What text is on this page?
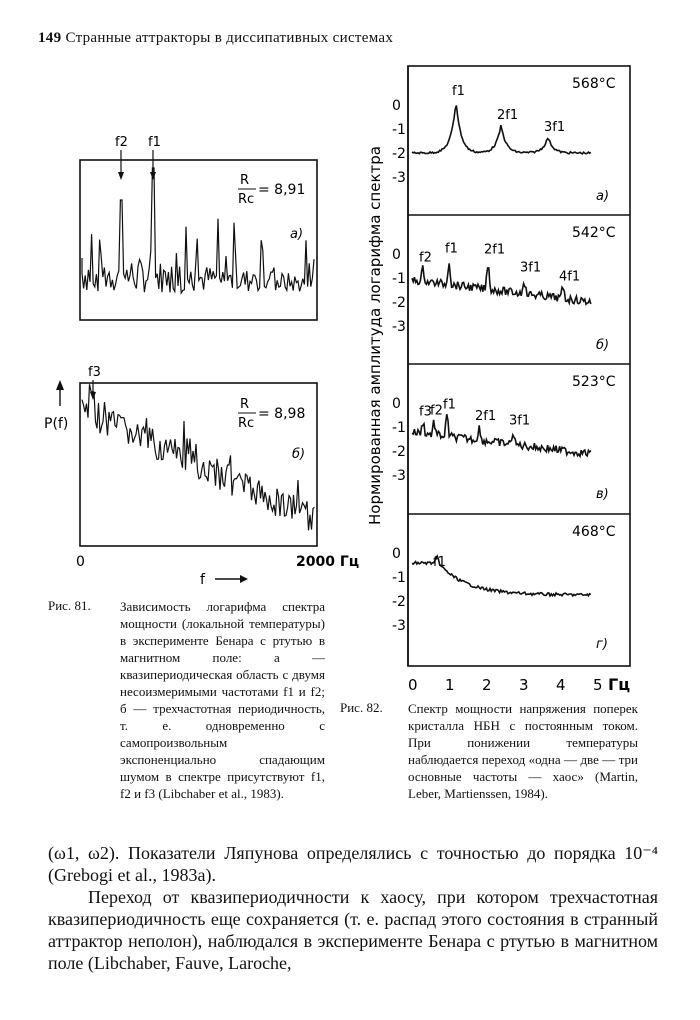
149 Странные аттракторы в диссипативных системах
f2 f1
R
Rc
= 8,91
а)
f3
R
Rc
= 8,98
б)
P(f)
0	2000 Гц
f
0
-1
-2
-3
568°C
а)
f1
2f1
3f1
0
-1
-2
-3
542°C
б)
f2
f1 2f1
3f1
4f1
0
-1
-2
-3
523°C
в)
f3
f2 f1
2f1 3f1
0
-1
-2
-3
468°C
г)
f1
0 1 2 3 4 5 Гц
Нормированная амплитуда логарифма спектра
Рис. 81. Зависимость логарифма спектра мощности (локальной температуры) в эксперименте Бенара с ртутью в магнитном поле: а — квазипериодическая область с двумя несоизмеримыми частотами f1 и f2; б — трехчастотная периодичность, т. е. одновременно с самопроизвольным экспоненциально спадающим шумом в спектре присутствуют f1, f2 и f3 (Libchaber et al., 1983).
Рис. 82. Спектр мощности напряжения поперек кристалла НБН с постоянным током. При понижении температуры наблюдается переход «одна — две — три основные частоты — хаос» (Martin, Leber, Martienssen, 1984).
(ω1, ω2). Показатели Ляпунова определялись с точностью до порядка 10⁻⁴ (Grebogi et al., 1983a).
Переход от квазипериодичности к хаосу, при котором трехчастотная квазипериодичность еще сохраняется (т. е. распад этого состояния в странный аттрактор неполон), наблюдался в эксперименте Бенара с ртутью в магнитном поле (Libchaber, Fauve, Laroche,
